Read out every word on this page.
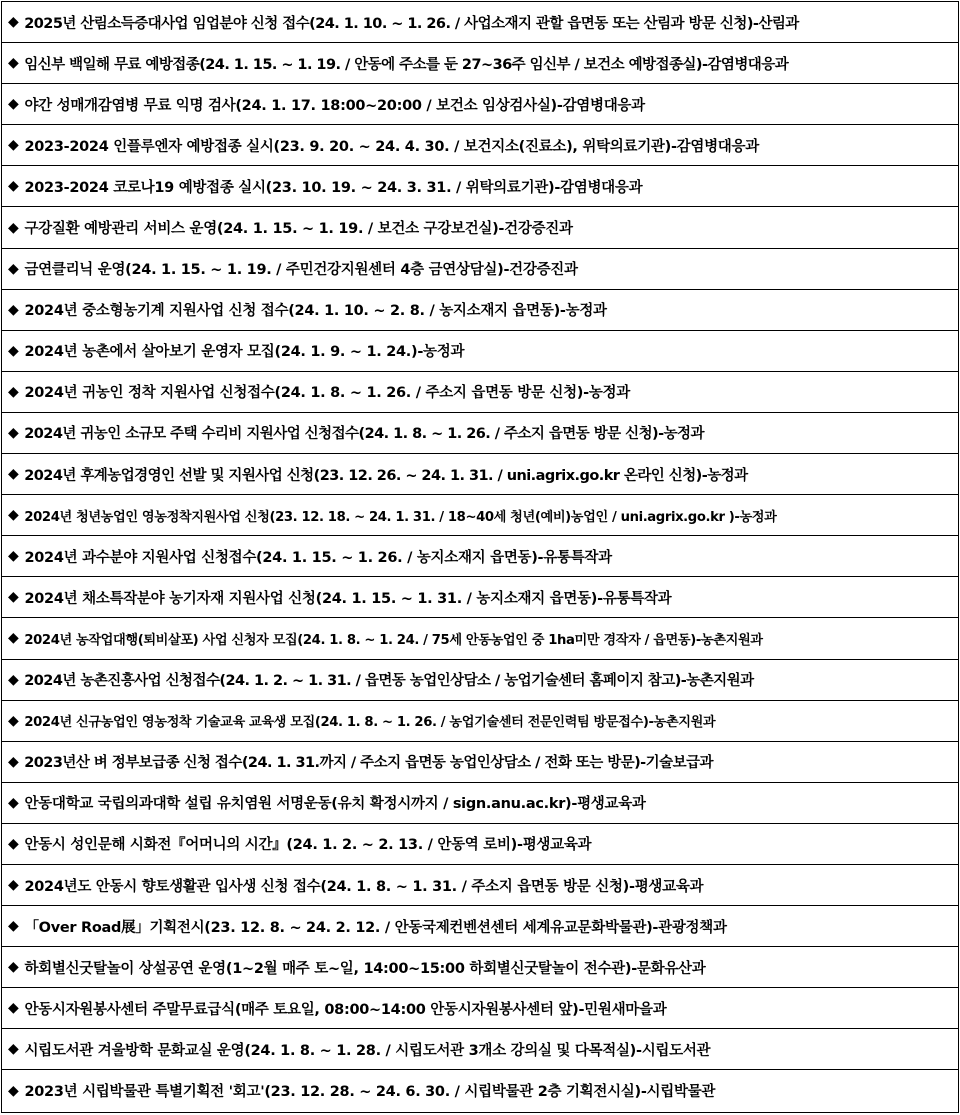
◆ 2025년 산림소득증대사업 임업분야 신청 접수(24. 1. 10. ~ 1. 26. / 사업소재지 관할 읍면동 또는 산림과 방문 신청)-산림과
◆ 임신부 백일해 무료 예방접종(24. 1. 15. ~ 1. 19. / 안동에 주소를 둔 27~36주 임신부 / 보건소 예방접종실)-감염병대응과
◆ 야간 성매개감염병 무료 익명 검사(24. 1. 17. 18:00~20:00 / 보건소 임상검사실)-감염병대응과
◆ 2023-2024 인플루엔자 예방접종 실시(23. 9. 20. ~ 24. 4. 30. / 보건지소(진료소), 위탁의료기관)-감염병대응과
◆ 2023-2024 코로나19 예방접종 실시(23. 10. 19. ~ 24. 3. 31. / 위탁의료기관)-감염병대응과
◆ 구강질환 예방관리 서비스 운영(24. 1. 15. ~ 1. 19. / 보건소 구강보건실)-건강증진과
◆ 금연클리닉 운영(24. 1. 15. ~ 1. 19. / 주민건강지원센터 4층 금연상담실)-건강증진과
◆ 2024년 중소형농기계 지원사업 신청 접수(24. 1. 10. ~ 2. 8. / 농지소재지 읍면동)-농정과
◆ 2024년 농촌에서 살아보기 운영자 모집(24. 1. 9. ~ 1. 24.)-농정과
◆ 2024년 귀농인 정착 지원사업 신청접수(24. 1. 8. ~ 1. 26. / 주소지 읍면동 방문 신청)-농정과
◆ 2024년 귀농인 소규모 주택 수리비 지원사업 신청접수(24. 1. 8. ~ 1. 26. / 주소지 읍면동 방문 신청)-농정과
◆ 2024년 후계농업경영인 선발 및 지원사업 신청(23. 12. 26. ~ 24. 1. 31. / uni.agrix.go.kr 온라인 신청)-농정과
◆ 2024년 청년농업인 영농정착지원사업 신청(23. 12. 18. ~ 24. 1. 31. / 18~40세 청년(예비)농업인 / uni.agrix.go.kr )-농정과
◆ 2024년 과수분야 지원사업 신청접수(24. 1. 15. ~ 1. 26. / 농지소재지 읍면동)-유통특작과
◆ 2024년 채소특작분야 농기자재 지원사업 신청(24. 1. 15. ~ 1. 31. / 농지소재지 읍면동)-유통특작과
◆ 2024년 농작업대행(퇴비살포) 사업 신청자 모집(24. 1. 8. ~ 1. 24. / 75세 안동농업인 중 1ha미만 경작자 / 읍면동)-농촌지원과
◆ 2024년 농촌진흥사업 신청접수(24. 1. 2. ~ 1. 31. / 읍면동 농업인상담소 / 농업기술센터 홈페이지 참고)-농촌지원과
◆ 2024년 신규농업인 영농정착 기술교육 교육생 모집(24. 1. 8. ~ 1. 26. / 농업기술센터 전문인력팀 방문접수)-농촌지원과
◆ 2023년산 벼 정부보급종 신청 접수(24. 1. 31.까지 / 주소지 읍면동 농업인상담소 / 전화 또는 방문)-기술보급과
◆ 안동대학교 국립의과대학 설립 유치염원 서명운동(유치 확정시까지 / sign.anu.ac.kr)-평생교육과
◆ 안동시 성인문해 시화전『어머니의 시간』(24. 1. 2. ~ 2. 13. / 안동역 로비)-평생교육과
◆ 2024년도 안동시 향토생활관 입사생 신청 접수(24. 1. 8. ~ 1. 31. / 주소지 읍면동 방문 신청)-평생교육과
◆ 「Over Road展」기획전시(23. 12. 8. ~ 24. 2. 12. / 안동국제컨벤션센터 세계유교문화박물관)-관광정책과
◆ 하회별신굿탈놀이 상설공연 운영(1~2월 매주 토~일, 14:00~15:00 하회별신굿탈놀이 전수관)-문화유산과
◆ 안동시자원봉사센터 주말무료급식(매주 토요일, 08:00~14:00 안동시자원봉사센터 앞)-민원새마을과
◆ 시립도서관 겨울방학 문화교실 운영(24. 1. 8. ~ 1. 28. / 시립도서관 3개소 강의실 및 다목적실)-시립도서관
◆ 2023년 시립박물관 특별기획전 '회고'(23. 12. 28. ~ 24. 6. 30. / 시립박물관 2층 기획전시실)-시립박물관
